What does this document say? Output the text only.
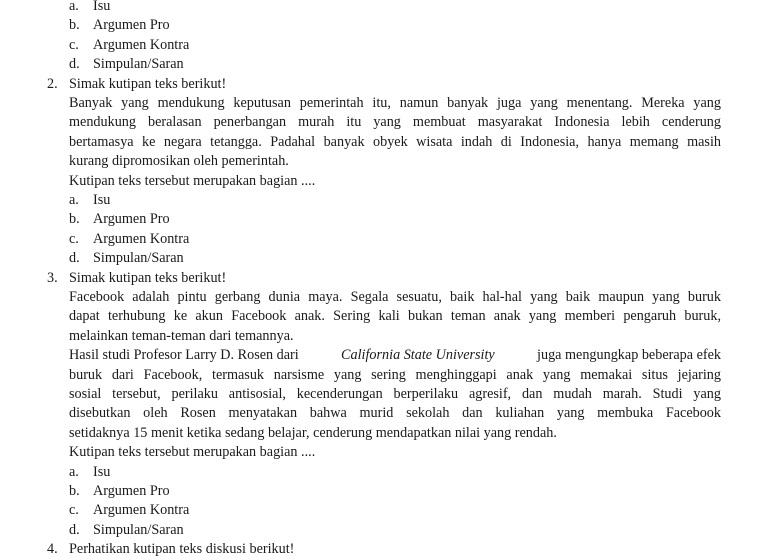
a. Isu
b. Argumen Pro
c. Argumen Kontra
d. Simpulan/Saran
2. Simak kutipan teks berikut!
Banyak yang mendukung keputusan pemerintah itu, namun banyak juga yang menentang. Mereka yang
mendukung beralasan penerbangan murah itu yang membuat masyarakat Indonesia lebih cenderung
bertamasya ke negara tetangga. Padahal banyak obyek wisata indah di Indonesia, hanya memang masih
kurang dipromosikan oleh pemerintah.
Kutipan teks tersebut merupakan bagian ....
a. Isu
b. Argumen Pro
c. Argumen Kontra
d. Simpulan/Saran
3. Simak kutipan teks berikut!
Facebook adalah pintu gerbang dunia maya. Segala sesuatu, baik hal-hal yang baik maupun yang buruk
dapat terhubung ke akun Facebook anak. Sering kali bukan teman anak yang memberi pengaruh buruk,
melainkan teman-teman dari temannya.
Hasil studi Profesor Larry D. Rosen dari	California State University	juga mengungkap beberapa efek
buruk dari Facebook, termasuk narsisme yang sering menghinggapi anak yang memakai situs jejaring
sosial tersebut, perilaku antisosial, kecenderungan berperilaku agresif, dan mudah marah. Studi yang
disebutkan oleh Rosen menyatakan bahwa murid sekolah dan kuliahan yang membuka Facebook
setidaknya 15 menit ketika sedang belajar, cenderung mendapatkan nilai yang rendah.
Kutipan teks tersebut merupakan bagian ....
a. Isu
b. Argumen Pro
c. Argumen Kontra
d. Simpulan/Saran
4. Perhatikan kutipan teks diskusi berikut!
